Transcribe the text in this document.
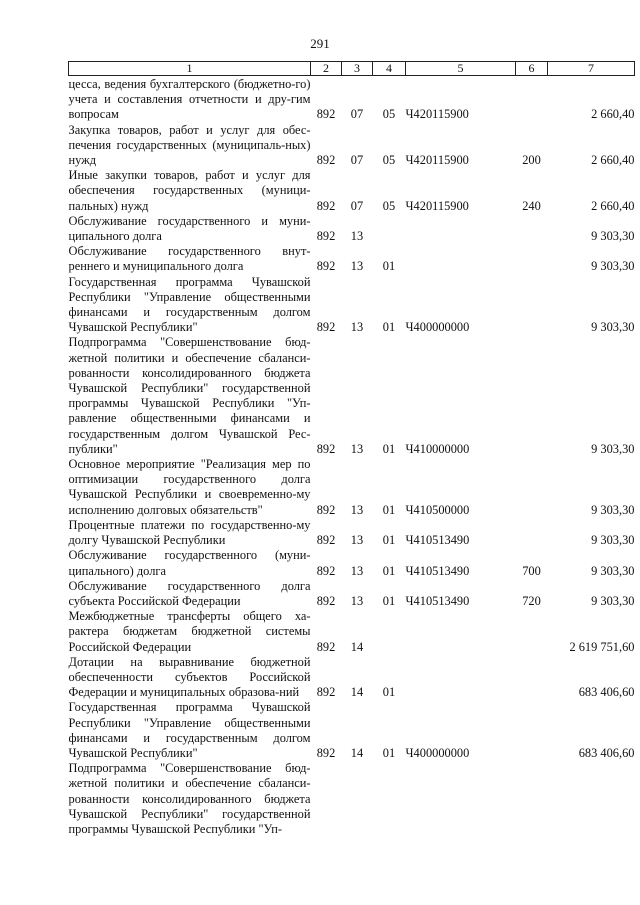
291
1	2	3	4	5	6	7
цесса, ведения бухгалтерского (бюджетно-го) учета и составления отчетности и дру-гим вопросам	892	07	05	Ч420115900		2 660,40
Закупка товаров, работ и услуг для обес-печения государственных (муниципаль-ных) нужд	892	07	05	Ч420115900	200	2 660,40
Иные закупки товаров, работ и услуг для обеспечения государственных (муници-пальных) нужд	892	07	05	Ч420115900	240	2 660,40
Обслуживание государственного и муни-ципального долга	892	13				9 303,30
Обслуживание государственного внут-реннего и муниципального долга	892	13	01			9 303,30
Государственная программа Чувашской Республики "Управление общественными финансами и государственным долгом Чувашской Республики"	892	13	01	Ч400000000		9 303,30
Подпрограмма "Совершенствование бюд-жетной политики и обеспечение сбаланси-рованности консолидированного бюджета Чувашской Республики" государственной программы Чувашской Республики "Уп-равление общественными финансами и государственным долгом Чувашской Рес-публики"	892	13	01	Ч410000000		9 303,30
Основное мероприятие "Реализация мер по оптимизации государственного долга Чувашской Республики и своевременно-му исполнению долговых обязательств"	892	13	01	Ч410500000		9 303,30
Процентные платежи по государственно-му долгу Чувашской Республики	892	13	01	Ч410513490		9 303,30
Обслуживание государственного (муни-ципального) долга	892	13	01	Ч410513490	700	9 303,30
Обслуживание государственного долга субъекта Российской Федерации	892	13	01	Ч410513490	720	9 303,30
Межбюджетные трансферты общего ха-рактера бюджетам бюджетной системы Российской Федерации	892	14				2 619 751,60
Дотации на выравнивание бюджетной обеспеченности субъектов Российской Федерации и муниципальных образова-ний	892	14	01			683 406,60
Государственная программа Чувашской Республики "Управление общественными финансами и государственным долгом Чувашской Республики"	892	14	01	Ч400000000		683 406,60
Подпрограмма "Совершенствование бюд-жетной политики и обеспечение сбаланси-рованности консолидированного бюджета Чувашской Республики" государственной программы Чувашской Республики "Уп-						
